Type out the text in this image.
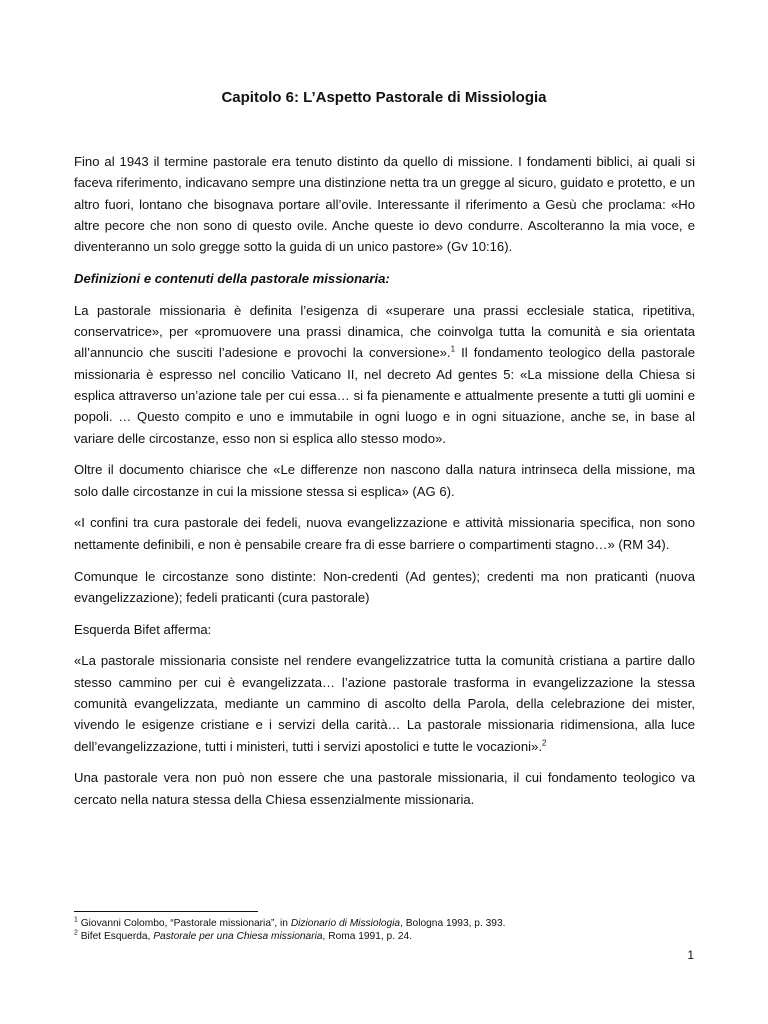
Capitolo 6: L’Aspetto Pastorale di Missiologia

Fino al 1943 il termine pastorale era tenuto distinto da quello di missione. I fondamenti biblici, ai quali si faceva riferimento, indicavano sempre una distinzione netta tra un gregge al sicuro, guidato e protetto, e un altro fuori, lontano che bisognava portare all’ovile. Interessante il riferimento a Gesù che proclama: «Ho altre pecore che non sono di questo ovile. Anche queste io devo condurre. Ascolteranno la mia voce, e diventeranno un solo gregge sotto la guida di un unico pastore» (Gv 10:16).

Definizioni e contenuti della pastorale missionaria:

La pastorale missionaria è definita l’esigenza di «superare una prassi ecclesiale statica, ripetitiva, conservatrice», per «promuovere una prassi dinamica, che coinvolga tutta la comunità e sia orientata all’annuncio che susciti l’adesione e provochi la conversione».$^1$ Il fondamento teologico della pastorale missionaria è espresso nel concilio Vaticano II, nel decreto Ad gentes 5: «La missione della Chiesa si esplica attraverso un’azione tale per cui essa… si fa pienamente e attualmente presente a tutti gli uomini e popoli. … Questo compito e uno e immutabile in ogni luogo e in ogni situazione, anche se, in base al variare delle circostanze, esso non si esplica allo stesso modo».

Oltre il documento chiarisce che «Le differenze non nascono dalla natura intrinseca della missione, ma solo dalle circostanze in cui la missione stessa si esplica» (AG 6).

«I confini tra cura pastorale dei fedeli, nuova evangelizzazione e attività missionaria specifica, non sono nettamente definibili, e non è pensabile creare fra di esse barriere o compartimenti stagno…» (RM 34).

Comunque le circostanze sono distinte: Non-credenti (Ad gentes); credenti ma non praticanti (nuova evangelizzazione); fedeli praticanti (cura pastorale)

Esquerda Bifet afferma:

«La pastorale missionaria consiste nel rendere evangelizzatrice tutta la comunità cristiana a partire dallo stesso cammino per cui è evangelizzata… l’azione pastorale trasforma in evangelizzazione la stessa comunità evangelizzata, mediante un cammino di ascolto della Parola, della celebrazione dei mister, vivendo le esigenze cristiane e i servizi della carità… La pastorale missionaria ridimensiona, alla luce dell’evangelizzazione, tutti i ministeri, tutti i servizi apostolici e tutte le vocazioni».$^2$

Una pastorale vera non può non essere che una pastorale missionaria, il cui fondamento teologico va cercato nella natura stessa della Chiesa essenzialmente missionaria.

$^1$ Giovanni Colombo, “Pastorale missionaria”, in Dizionario di Missiologia, Bologna 1993, p. 393.
$^2$ Bifet Esquerda, Pastorale per una Chiesa missionaria, Roma 1991, p. 24.
1
